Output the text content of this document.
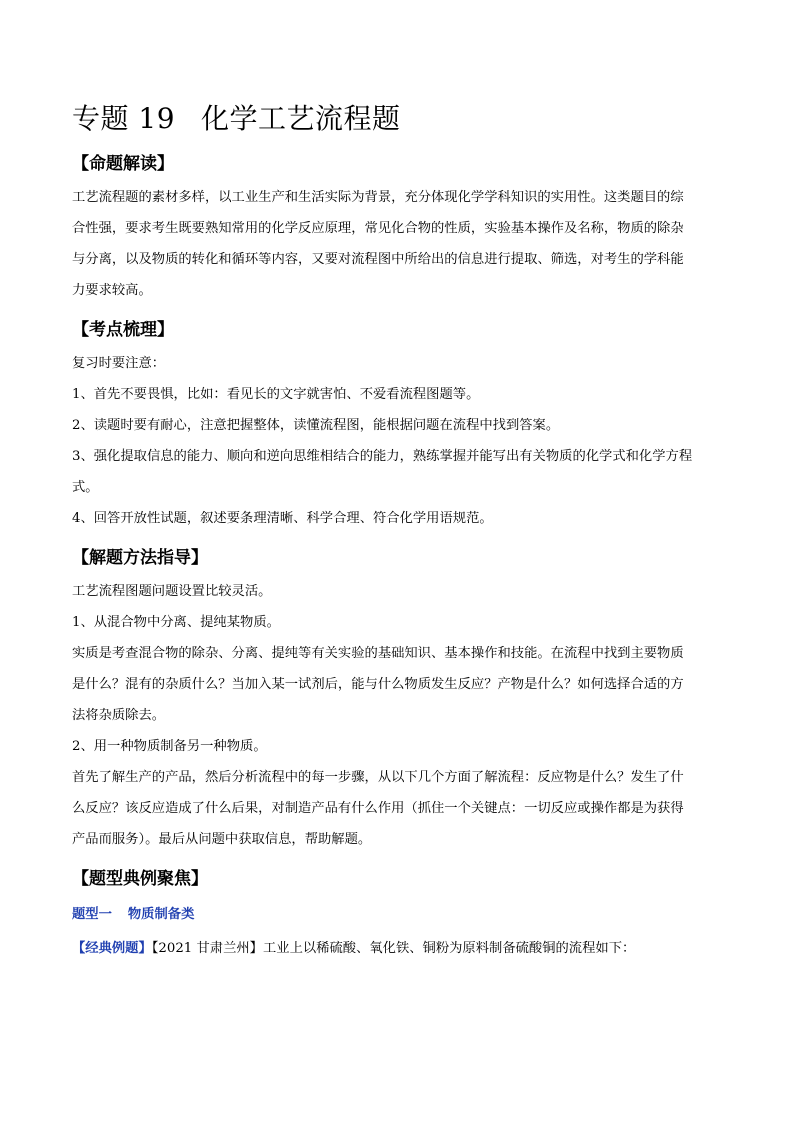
专题 19 化学工艺流程题

【命题解读】

工艺流程题的素材多样，以工业生产和生活实际为背景，充分体现化学学科知识的实用性。这类题目的综

合性强，要求考生既要熟知常用的化学反应原理，常见化合物的性质，实验基本操作及名称，物质的除杂

与分离，以及物质的转化和循环等内容，又要对流程图中所给出的信息进行提取、筛选，对考生的学科能

力要求较高。

【考点梳理】

复习时要注意：

1、首先不要畏惧，比如：看见长的文字就害怕、不爱看流程图题等。

2、读题时要有耐心，注意把握整体，读懂流程图，能根据问题在流程中找到答案。

3、强化提取信息的能力、顺向和逆向思维相结合的能力，熟练掌握并能写出有关物质的化学式和化学方程

式。

4、回答开放性试题，叙述要条理清晰、科学合理、符合化学用语规范。

【解题方法指导】

工艺流程图题问题设置比较灵活。

1、从混合物中分离、提纯某物质。

实质是考查混合物的除杂、分离、提纯等有关实验的基础知识、基本操作和技能。在流程中找到主要物质

是什么？混有的杂质什么？当加入某一试剂后，能与什么物质发生反应？产物是什么？如何选择合适的方

法将杂质除去。

2、用一种物质制备另一种物质。

首先了解生产的产品，然后分析流程中的每一步骤，从以下几个方面了解流程：反应物是什么？发生了什

么反应？该反应造成了什么后果，对制造产品有什么作用（抓住一个关键点：一切反应或操作都是为获得

产品而服务）。最后从问题中获取信息，帮助解题。

【题型典例聚焦】

题型一 物质制备类

【经典例题】【2021 甘肃兰州】工业上以稀硫酸、氧化铁、铜粉为原料制备硫酸铜的流程如下：
